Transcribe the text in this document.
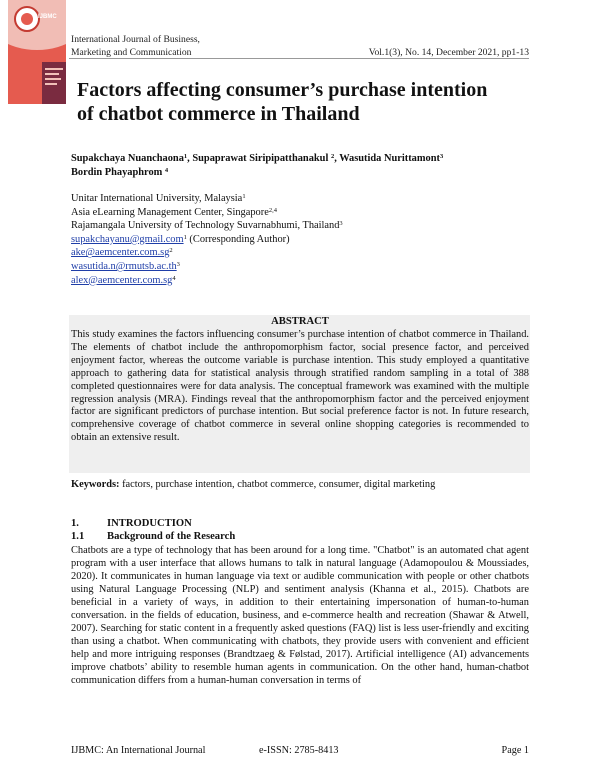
IJBMC
International Journal of Business,
Marketing and Communication	Vol.1(3), No. 14, December 2021, pp1-13
Factors affecting consumer’s purchase intention
of chatbot commerce in Thailand
Supakchaya Nuanchaona$^1$, Supaprawat Siripipatthanakul $^2$, Wasutida Nurittamont$^3$
Bordin Phayaphrom $^4$
Unitar International University, Malaysia$^1$
Asia eLearning Management Center, Singapore$^{2,4}$
Rajamangala University of Technology Suvarnabhumi, Thailand$^3$
supakchayanu@gmail.com$^1$ (Corresponding Author)
$ake@aemcenter.com.sg^2$
$wasutida.n@rmutsb.ac.th^3$
$alex@aemcenter.com.sg^4$
ABSTRACT
This study examines the factors influencing consumer’s purchase intention of chatbot commerce in Thailand. The elements of chatbot include the anthropomorphism factor, social presence factor, and perceived enjoyment factor, whereas the outcome variable is purchase intention. This study employed a quantitative approach to gathering data for statistical analysis through stratified random sampling in a total of 388 completed questionnaires were for data analysis. The conceptual framework was examined with the multiple regression analysis (MRA). Findings reveal that the anthropomorphism factor and the perceived enjoyment factor are significant predictors of purchase intention. But social preference factor is not. In future research, comprehensive coverage of chatbot commerce in several online shopping categories is recommended to obtain an extensive result.
Keywords: factors, purchase intention, chatbot commerce, consumer, digital marketing
1.	INTRODUCTION
1.1 Background of the Research
Chatbots are a type of technology that has been around for a long time. "Chatbot" is an automated chat agent program with a user interface that allows humans to talk in natural language (Adamopoulou & Moussiades, 2020). It communicates in human language via text or audible communication with people or other chatbots using Natural Language Processing (NLP) and sentiment analysis (Khanna et al., 2015). Chatbots are beneficial in a variety of ways, in addition to their entertaining impersonation of human-to-human conversation. in the fields of education, business, and e-commerce health and recreation (Shawar & Atwell, 2007). Searching for static content in a frequently asked questions (FAQ) list is less user-friendly and exciting than using a chatbot. When communicating with chatbots, they provide users with convenient and efficient help and more intriguing responses (Brandtzaeg & Følstad, 2017). Artificial intelligence (AI) advancements improve chatbots’ ability to resemble human agents in communication. On the other hand, human-chatbot communication differs from a human-human conversation in terms of
IJBMC: An International Journal	e-ISSN: 2785-8413	Page 1
